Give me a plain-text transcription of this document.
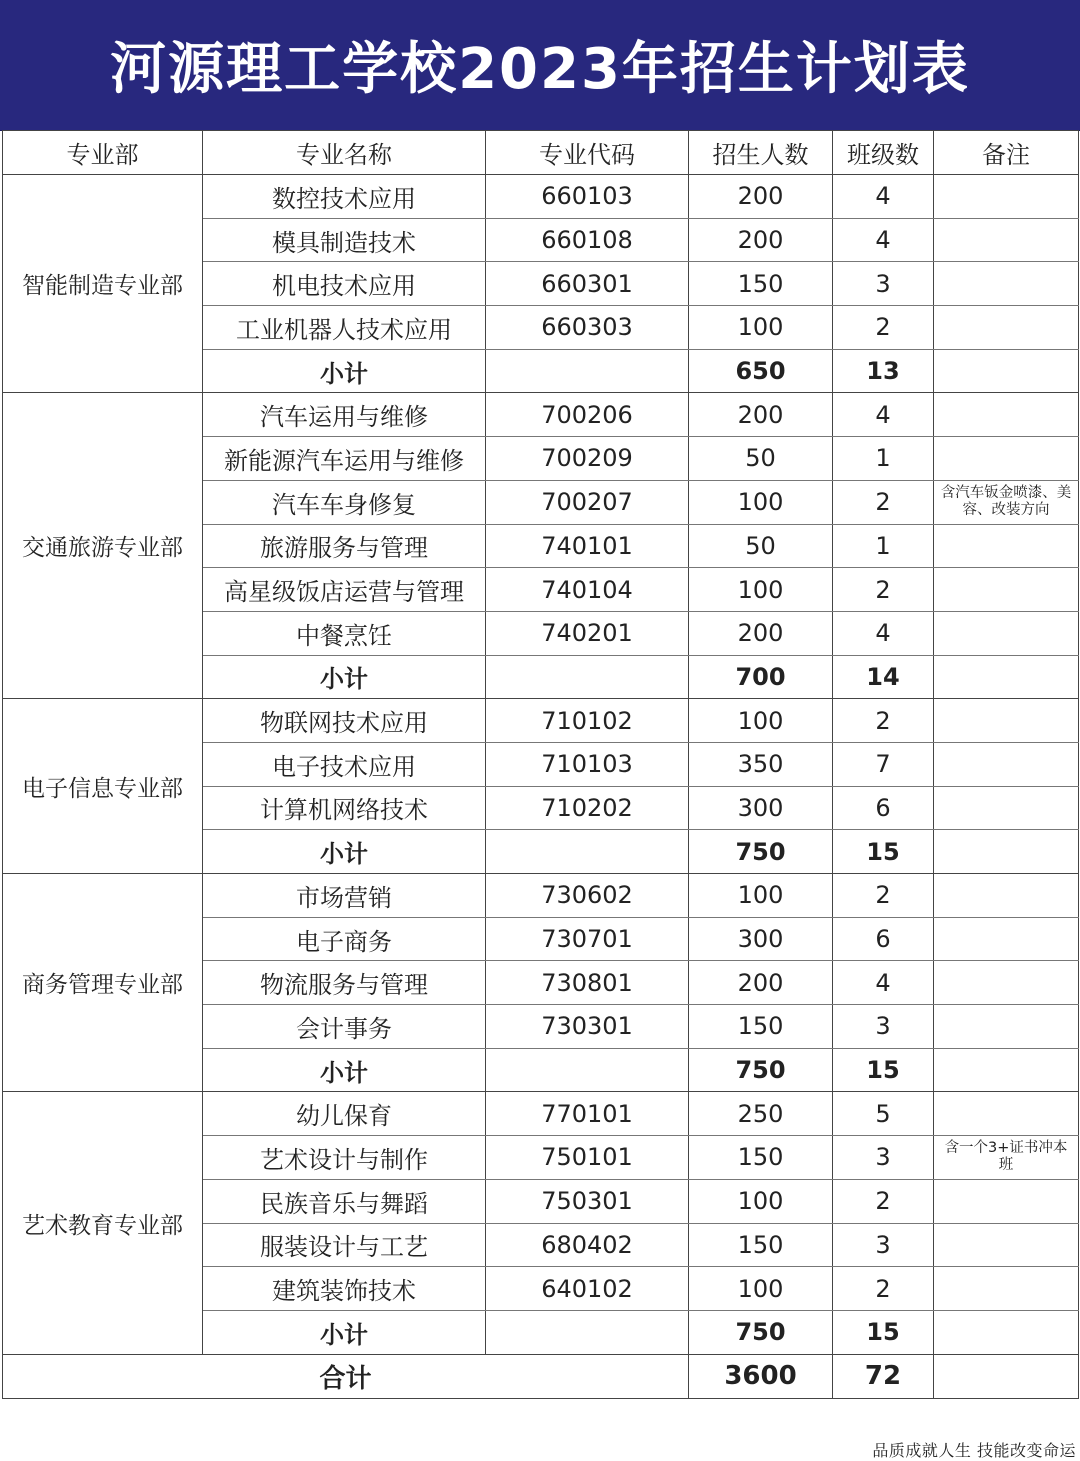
河源理工学校2023年招生计划表
专业部	专业名称	专业代码	招生人数	班级数	备注
智能制造专业部	数控技术应用	660103	200	4	
	模具制造技术	660108	200	4	
	机电技术应用	660301	150	3	
	工业机器人技术应用	660303	100	2	
	小计		650	13	
交通旅游专业部	汽车运用与维修	700206	200	4	
	新能源汽车运用与维修	700209	50	1	
	汽车车身修复	700207	100	2	含汽车钣金喷漆、美容、改装方向
	旅游服务与管理	740101	50	1	
	高星级饭店运营与管理	740104	100	2	
	中餐烹饪	740201	200	4	
	小计		700	14	
电子信息专业部	物联网技术应用	710102	100	2	
	电子技术应用	710103	350	7	
	计算机网络技术	710202	300	6	
	小计		750	15	
商务管理专业部	市场营销	730602	100	2	
	电子商务	730701	300	6	
	物流服务与管理	730801	200	4	
	会计事务	730301	150	3	
	小计		750	15	
艺术教育专业部	幼儿保育	770101	250	5	
	艺术设计与制作	750101	150	3	含一个3+证书冲本班
	民族音乐与舞蹈	750301	100	2	
	服装设计与工艺	680402	150	3	
	建筑装饰技术	640102	100	2	
	小计		750	15	
合计			3600	72	
品质成就人生 技能改变命运
